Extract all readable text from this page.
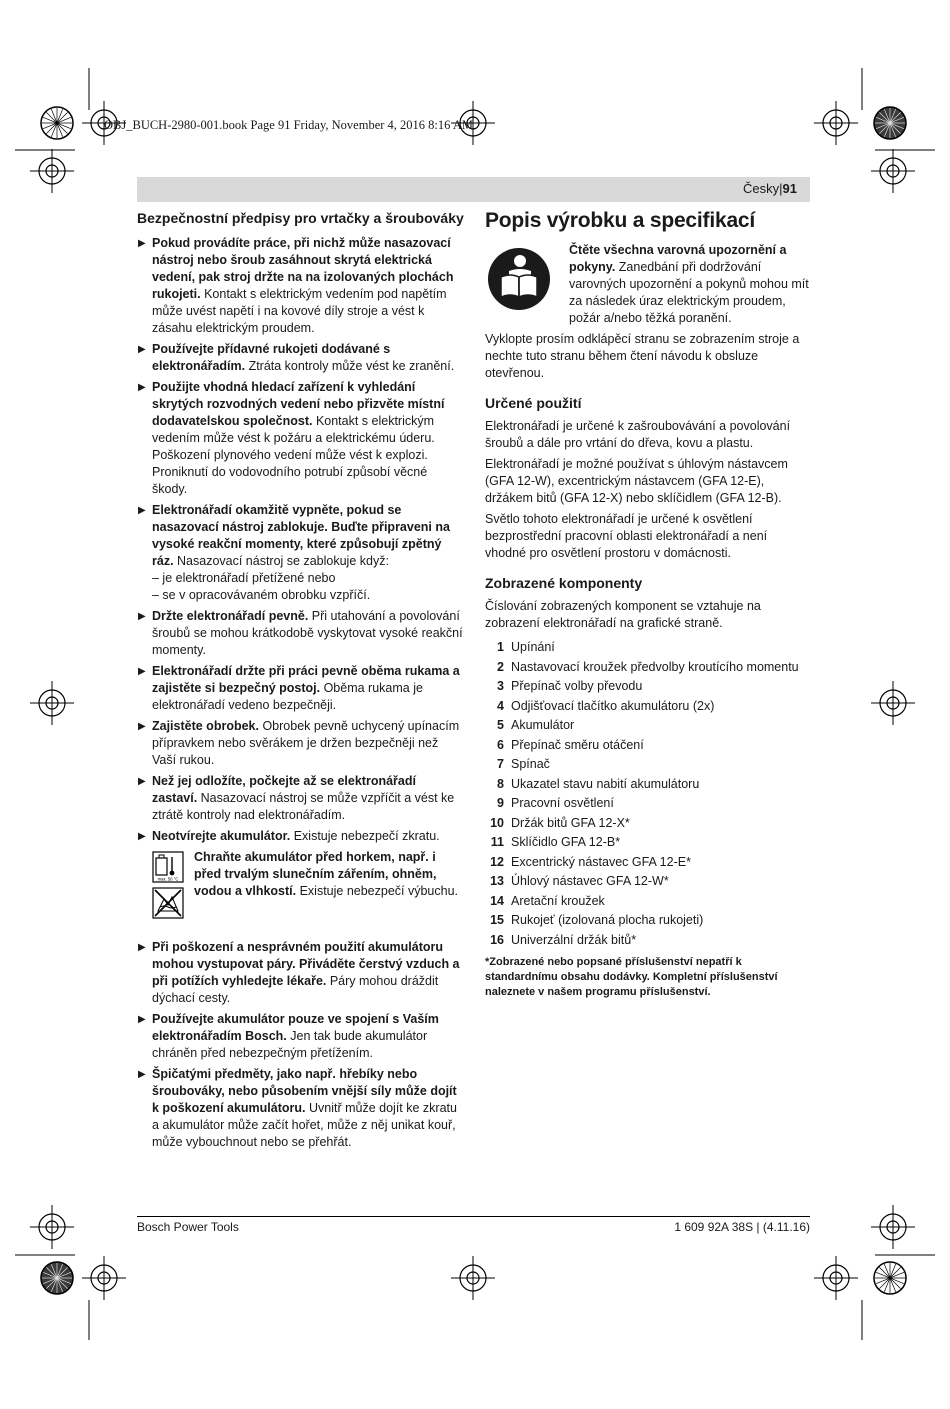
OBJ_BUCH-2980-001.book Page 91 Friday, November 4, 2016 8:16 AM
Česky|91
Bezpečnostní předpisy pro vrtačky a šroubováky
▶ Pokud provádíte práce, při nichž může nasazovací nástroj nebo šroub zasáhnout skrytá elektrická vedení, pak stroj držte na na izolovaných plochách rukojeti. Kontakt s elektrickým vedením pod napětím může uvést napětí i na kovové díly stroje a vést k zásahu elektrickým proudem.
▶ Používejte přídavné rukojeti dodávané s elektronářadím. Ztráta kontroly může vést ke zranění.
▶ Použijte vhodná hledací zařízení k vyhledání skrytých rozvodných vedení nebo přizvěte místní dodavatelskou společnost. Kontakt s elektrickým vedením může vést k požáru a elektrickému úderu. Poškození plynového vedení může vést k explozi. Proniknutí do vodovodního potrubí způsobí věcné škody.
▶ Elektronářadí okamžitě vypněte, pokud se nasazovací nástroj zablokuje. Buďte připraveni na vysoké reakční momenty, které způsobují zpětný ráz. Nasazovací nástroj se zablokuje když:
– je elektronářadí přetížené nebo
– se v opracovávaném obrobku vzpříčí.
▶ Držte elektronářadí pevně. Při utahování a povolování šroubů se mohou krátkodobě vyskytovat vysoké reakční momenty.
▶ Elektronářadí držte při práci pevně oběma rukama a zajistěte si bezpečný postoj. Oběma rukama je elektronářadí vedeno bezpečněji.
▶ Zajistěte obrobek. Obrobek pevně uchycený upínacím přípravkem nebo svěrákem je držen bezpečněji než Vaší rukou.
▶ Než jej odložíte, počkejte až se elektronářadí zastaví. Nasazovací nástroj se může vzpříčit a vést ke ztrátě kontroly nad elektronářadím.
▶ Neotvírejte akumulátor. Existuje nebezpečí zkratu.
max. 50 °C
Chraňte akumulátor před horkem, např. i před trvalým slunečním zářením, ohněm, vodou a vlhkostí. Existuje nebezpečí výbuchu.
▶ Při poškození a nesprávném použití akumulátoru mohou vystupovat páry. Přiváděte čerstvý vzduch a při potížích vyhledejte lékaře. Páry mohou dráždit dýchací cesty.
▶ Používejte akumulátor pouze ve spojení s Vaším elektronářadím Bosch. Jen tak bude akumulátor chráněn před nebezpečným přetížením.
▶ Špičatými předměty, jako např. hřebíky nebo šroubováky, nebo působením vnější síly může dojít k poškození akumulátoru. Uvnitř může dojít ke zkratu a akumulátor může začít hořet, může z něj unikat kouř, může vybouchnout nebo se přehřát.
Popis výrobku a specifikací
Čtěte všechna varovná upozornění a pokyny. Zanedbání při dodržování varovných upozornění a pokynů mohou mít za následek úraz elektrickým proudem, požár a/nebo těžká poranění.

Vyklopte prosím odklápěcí stranu se zobrazením stroje a nechte tuto stranu během čtení návodu k obsluze otevřenou.

Určené použití

Elektronářadí je určené k zašroubovávání a povolování šroubů a dále pro vrtání do dřeva, kovu a plastu.

Elektronářadí je možné používat s úhlovým nástavcem (GFA 12-W), excentrickým nástavcem (GFA 12-E), držákem bitů (GFA 12-X) nebo sklíčidlem (GFA 12-B).

Světlo tohoto elektronářadí je určené k osvětlení bezprostřední pracovní oblasti elektronářadí a není vhodné pro osvětlení prostoru v domácnosti.

Zobrazené komponenty

Číslování zobrazených komponent se vztahuje na zobrazení elektronářadí na grafické straně.

1 Upínání
2 Nastavovací kroužek předvolby kroutícího momentu
3 Přepínač volby převodu
4 Odjišťovací tlačítko akumulátoru (2x)
5 Akumulátor
6 Přepínač směru otáčení
7 Spínač
8 Ukazatel stavu nabití akumulátoru
9 Pracovní osvětlení
10 Držák bitů GFA 12-X*
11 Sklíčidlo GFA 12-B*
12 Excentrický nástavec GFA 12-E*
13 Úhlový nástavec GFA 12-W*
14 Aretační kroužek
15 Rukojeť (izolovaná plocha rukojeti)
16 Univerzální držák bitů*
*Zobrazené nebo popsané příslušenství nepatří k standardnímu obsahu dodávky. Kompletní příslušenství naleznete v našem programu příslušenství.
Bosch Power Tools	1 609 92A 38S | (4.11.16)
